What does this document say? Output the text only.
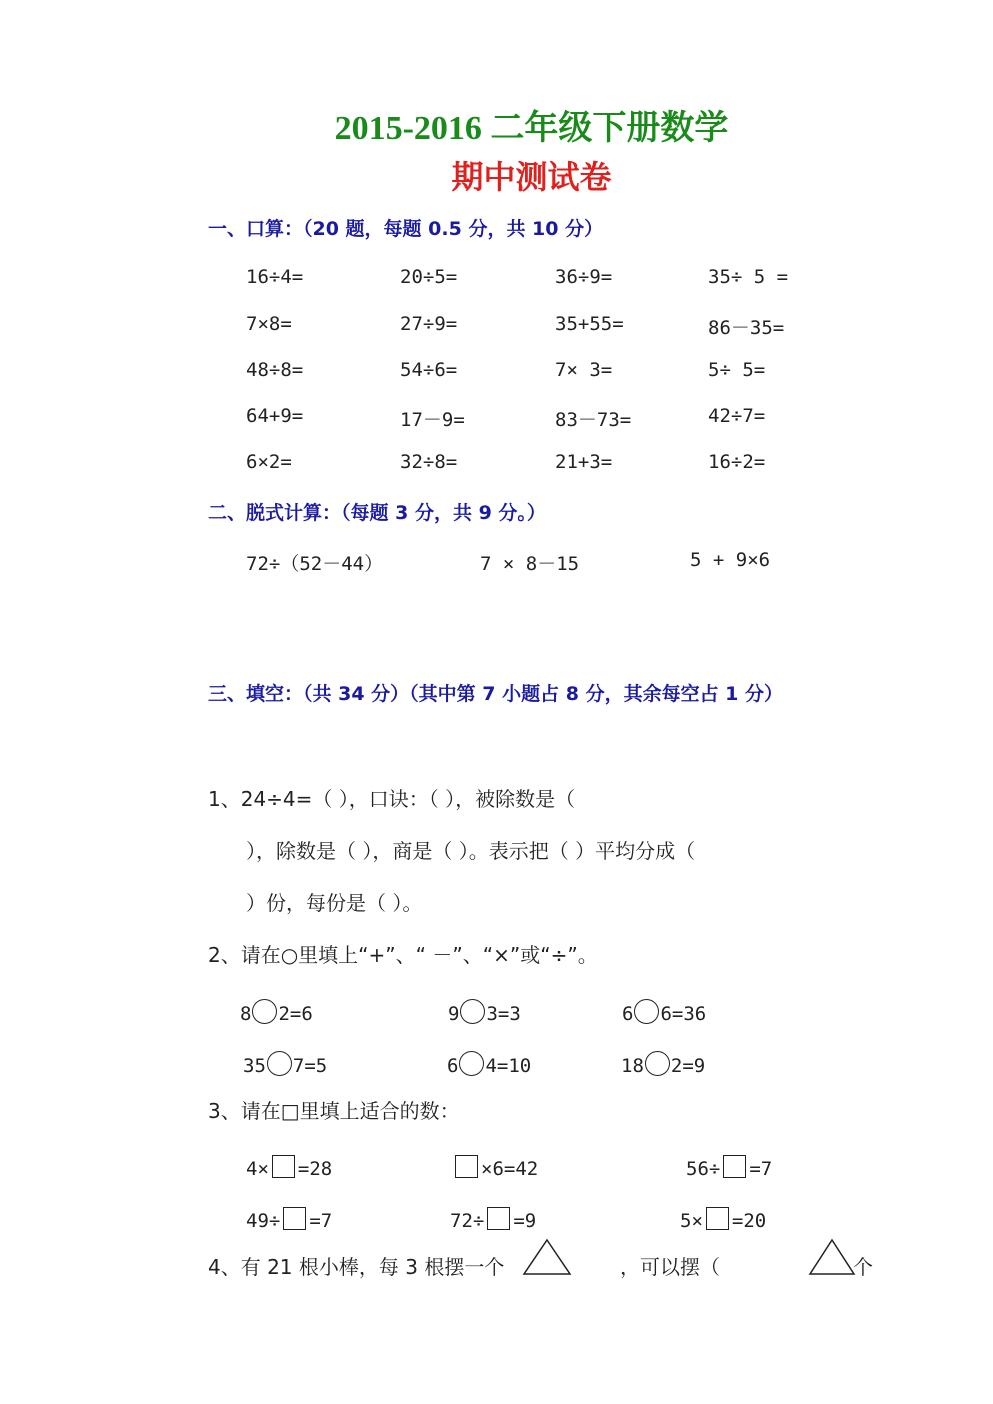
2015-2016 二年级下册数学
期中测试卷
一、口算：（20 题，每题 0.5 分，共 10 分）
16÷4=	20÷5=	36÷9=	35÷ 5 =
7×8=	27÷9=	35+55=	86－35=
48÷8=	54÷6=	7× 3=	5÷ 5=
64+9=	17－9=	83－73=	42÷7=
6×2=	32÷8=	21+3=	16÷2=
二、脱式计算：（每题 3 分，共 9 分。）
72÷（52－44）	7 × 8－15	5 + 9×6
三、填空：（共 34 分）（其中第 7 小题占 8 分，其余每空占 1 分）
1、24÷4=（ ），口诀：（ ），被除数是（
），除数是（ ），商是（ ）。表示把（ ）平均分成（
）份，每份是（ ）。
2、请在○里填上“+”、“ －”、“×”或“÷”。
8 2=6	9 3=3	6 6=36
35 7=5	6 4=10	18 2=9
3、请在□里填上适合的数：
4× =28	×6=42	56÷ =7
49÷ =7	72÷ =9	5× =20
4、有 21 根小棒，每 3 根摆一个	，可以摆（	个
